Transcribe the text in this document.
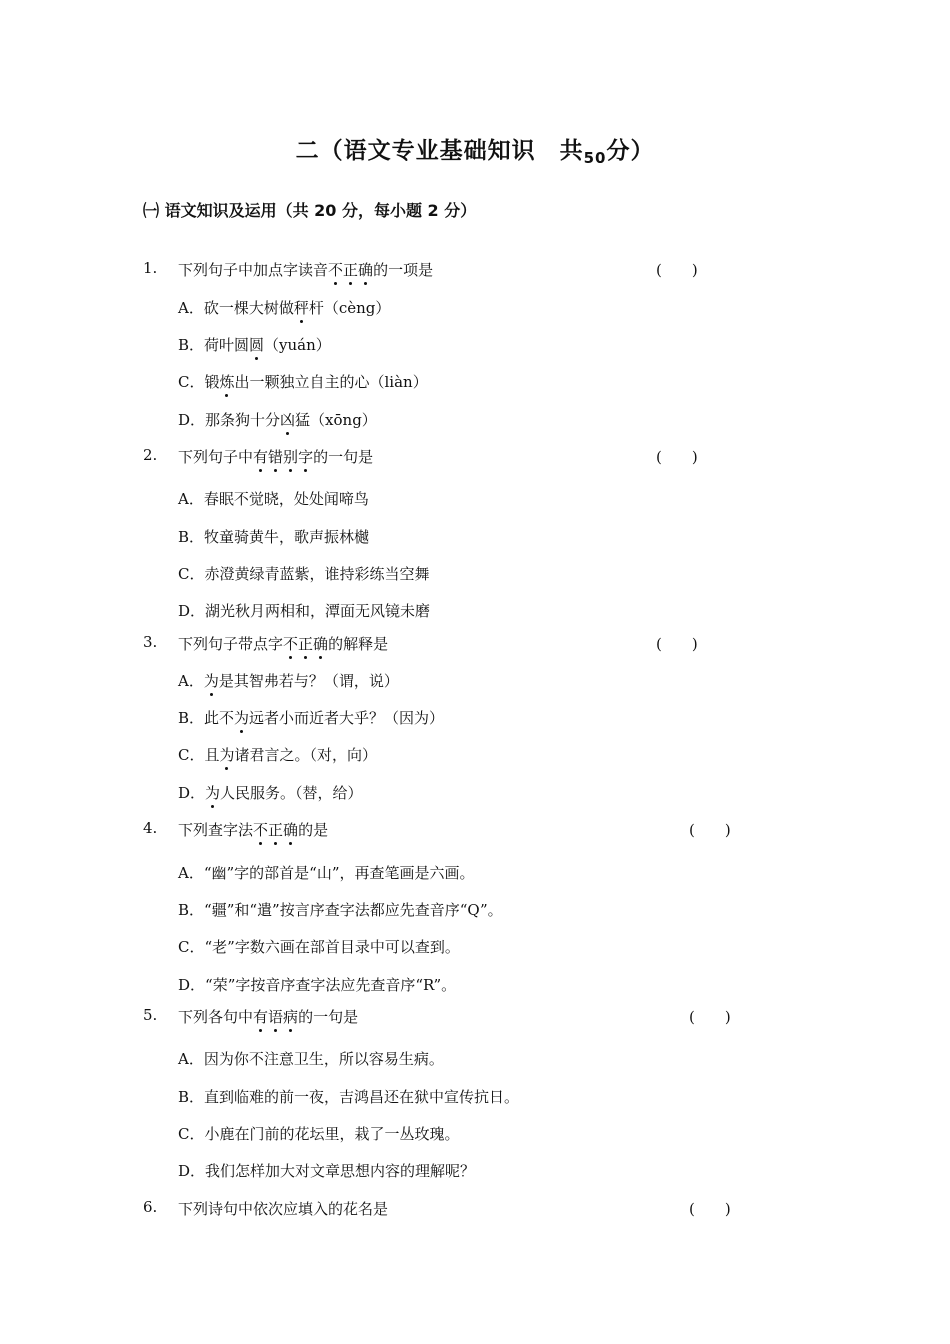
二（语文专业基础知识　共$_{50}$分）
㈠ 语文知识及运用（共 20 分，每小题 2 分）
1. 下列句子中加点字读音不正确的一项是	(　　)
A．砍一棵大树做秤杆（cèng）
B．荷叶圆圆（yuán）
C．锻炼出一颗独立自主的心（liàn）
D．那条狗十分凶猛（xōng）
2. 下列句子中有错别字的一句是	(　　)
A．春眠不觉晓，处处闻啼鸟
B．牧童骑黄牛，歌声振林樾
C．赤澄黄绿青蓝紫，谁持彩练当空舞
D．湖光秋月两相和，潭面无风镜未磨
3. 下列句子带点字不正确的解释是	(　　)
A．为是其智弗若与？（谓，说）
B．此不为远者小而近者大乎？（因为）
C．且为诸君言之。（对，向）
D．为人民服务。（替，给）
4. 下列查字法不正确的是	(　　)
A．“幽”字的部首是“山”，再查笔画是六画。
B．“疆”和“遣”按言序查字法都应先查音序“Q”。
C．“老”字数六画在部首目录中可以查到。
D．“荣”字按音序查字法应先查音序“R”。
5. 下列各句中有语病的一句是	(　　)
A．因为你不注意卫生，所以容易生病。
B．直到临难的前一夜，吉鸿昌还在狱中宣传抗日。
C．小鹿在门前的花坛里，栽了一丛玫瑰。
D．我们怎样加大对文章思想内容的理解呢？
6. 下列诗句中依次应填入的花名是	(　　)
